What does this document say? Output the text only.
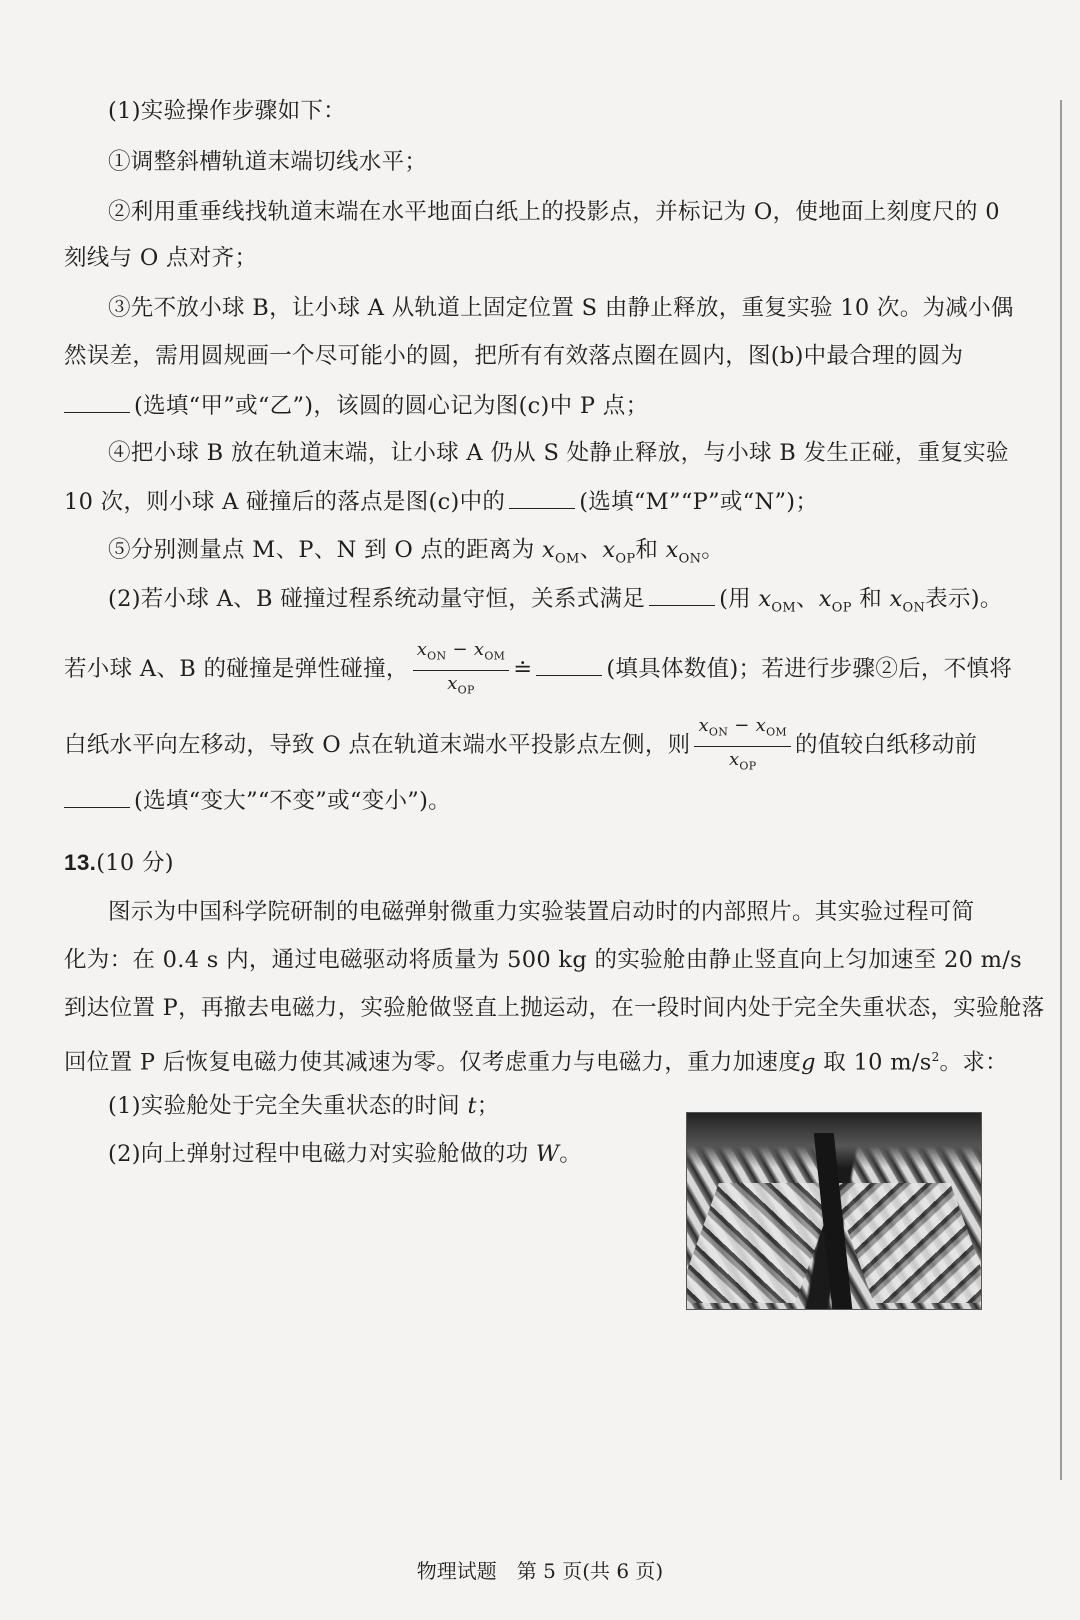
(1)实验操作步骤如下：
①调整斜槽轨道末端切线水平；
②利用重垂线找轨道末端在水平地面白纸上的投影点，并标记为 O，使地面上刻度尺的 0
刻线与 O 点对齐；
③先不放小球 B，让小球 A 从轨道上固定位置 S 由静止释放，重复实验 10 次。为减小偶
然误差，需用圆规画一个尽可能小的圆，把所有有效落点圈在圆内，图(b)中最合理的圆为
(选填“甲”或“乙”)，该圆的圆心记为图(c)中 P 点；
④把小球 B 放在轨道末端，让小球 A 仍从 S 处静止释放，与小球 B 发生正碰，重复实验
10 次，则小球 A 碰撞后的落点是图(c)中的	(选填“M”“P”或“N”)；
⑤分别测量点 M、P、N 到 O 点的距离为 $x_{OM}$、$x_{OP}$和 $x_{ON}$。
(2)若小球 A、B 碰撞过程系统动量守恒，关系式满足	(用 $x_{OM}$、$x_{OP}$ 和 $x_{ON}$表示)。
若小球 A、B 的碰撞是弹性碰撞， $\frac{x_{ON} - x_{OM}}{x_{OP}}$ ≐	(填具体数值)；若进行步骤②后，不慎将
白纸水平向左移动，导致 O 点在轨道末端水平投影点左侧，则 $\frac{x_{ON} - x_{OM}}{x_{OP}}$ 的值较白纸移动前
(选填“变大”“不变”或“变小”)。
13.(10 分)
图示为中国科学院研制的电磁弹射微重力实验装置启动时的内部照片。其实验过程可简
化为：在 0.4 s 内，通过电磁驱动将质量为 500 kg 的实验舱由静止竖直向上匀加速至 20 m/s
到达位置 P，再撤去电磁力，实验舱做竖直上抛运动，在一段时间内处于完全失重状态，实验舱落
回位置 P 后恢复电磁力使其减速为零。仅考虑重力与电磁力，重力加速度g 取 10 $m/s^2$。求：
(1)实验舱处于完全失重状态的时间 t；
(2)向上弹射过程中电磁力对实验舱做的功 W。
物理试题　第 5 页(共 6 页)
